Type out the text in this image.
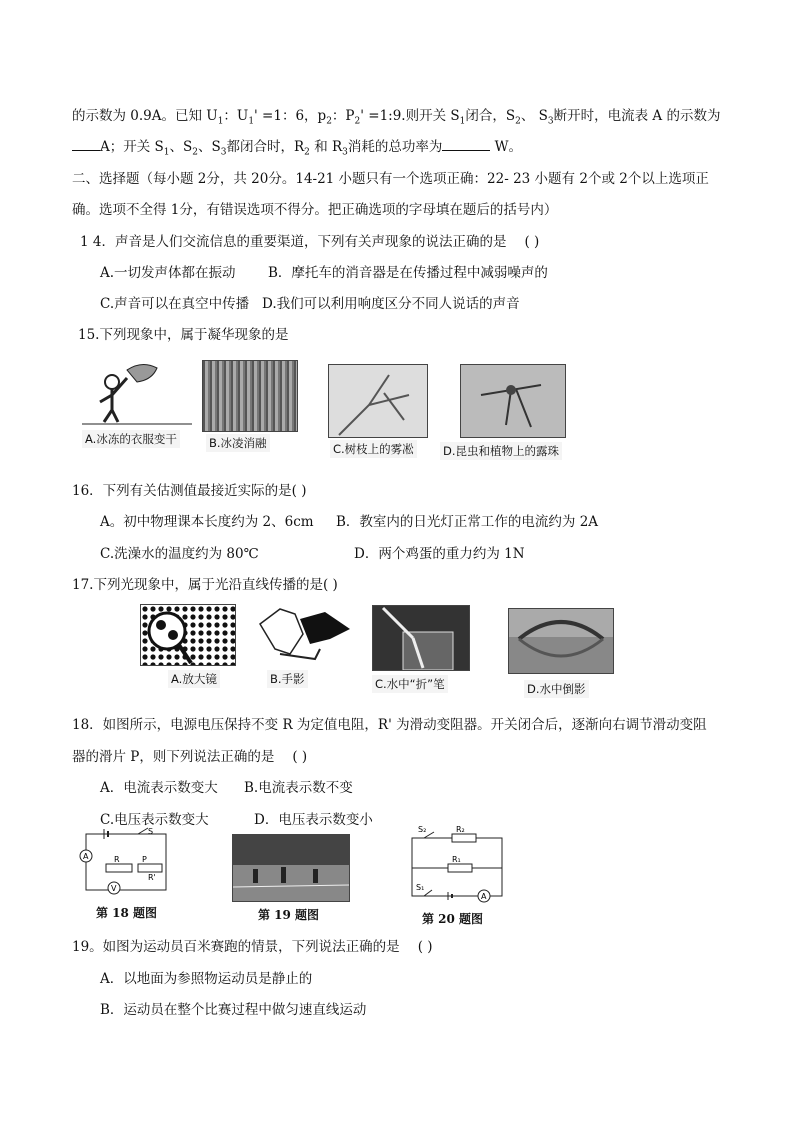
的示数为 0.9A。已知 $U_1$：$U_1' =1$：6，$p_2$：$P_2'$ =1:9.则开关 $S_1$闭合，$S_2$、 $S_3$断开时，电流表 A 的示数为
A；开关 $S_1$、$S_2$、$S_3$都闭合时，$R_2$ 和 $R_3$消耗的总功率为	W。
二、选择题（每小题 2分，共 20分。14-21 小题只有一个选项正确：22- 23 小题有 2个或 2个以上选项正
确。选项不全得 1分，有错误选项不得分。把正确选项的字母填在题后的括号内）
1 4．声音是人们交流信息的重要渠道，下列有关声现象的说法正确的是 ( )
A.一切发声体都在振动 B．摩托车的消音器是在传播过程中减弱噪声的
C.声音可以在真空中传播 D.我们可以利用响度区分不同人说话的声音
15.下列现象中，属于凝华现象的是
A.冰冻的衣服变干	B.冰凌消融	C.树枝上的雾凇	D.昆虫和植物上的露珠
16．下列有关估测值最接近实际的是( )
A。初中物理课本长度约为 2、6cm B．教室内的日光灯正常工作的电流约为 2A
C.洗澡水的温度约为 80℃	D．两个鸡蛋的重力约为 1N
17.下列光现象中，属于光沿直线传播的是( )
A.放大镜	B.手影	C.水中“折”笔	D.水中倒影
18．如图所示，电源电压保持不变 R 为定值电阻，R' 为滑动变阻器。开关闭合后，逐渐向右调节滑动变阻
器的滑片 P，则下列说法正确的是 ( )
A．电流表示数变大 B.电流表示数不变
C.电压表示数变大	D．电压表示数变小
S
A	R	P
R'
V
第 18 题图	第 19 题图
S₂	R₂
R₁
S₁
A
第 20 题图
19。如图为运动员百米赛跑的情景，下列说法正确的是 ( )
A．以地面为参照物运动员是静止的
B．运动员在整个比赛过程中做匀速直线运动
